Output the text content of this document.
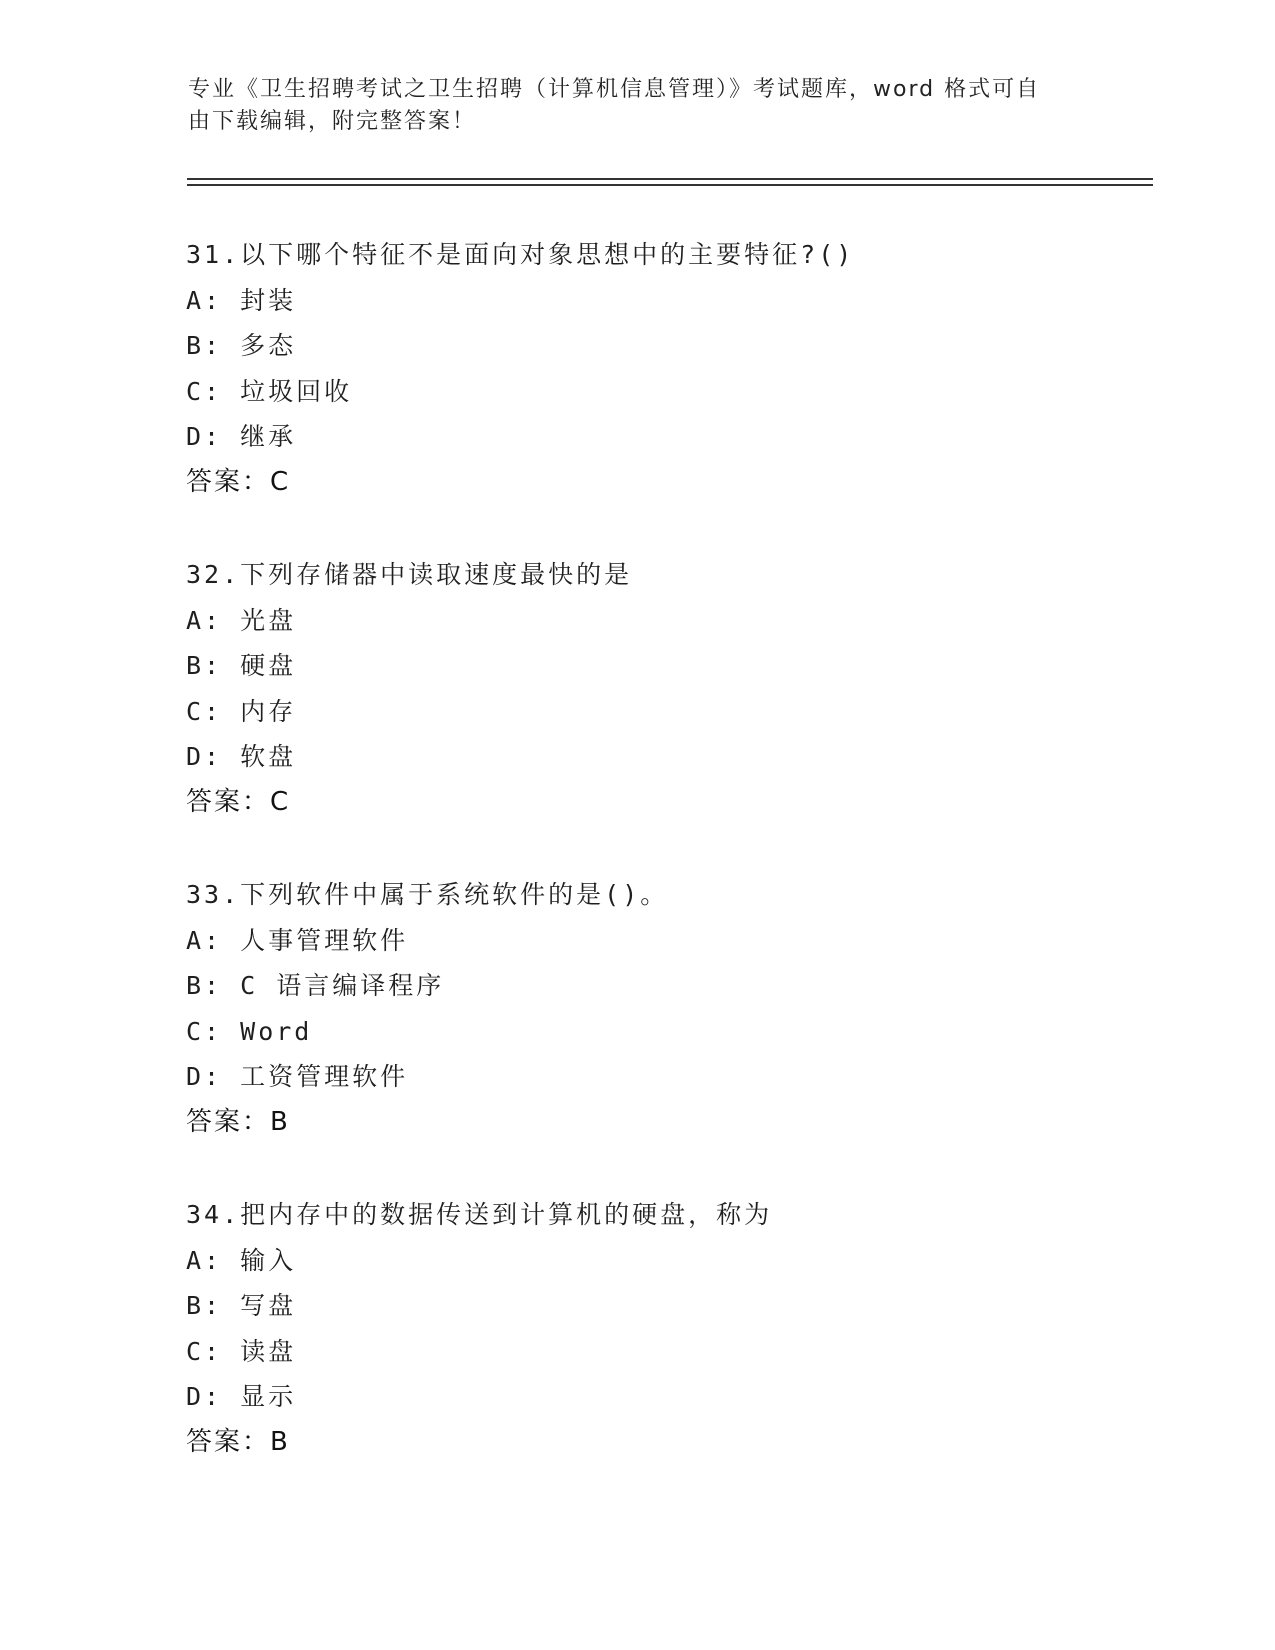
专业《卫生招聘考试之卫生招聘（计算机信息管理）》考试题库，word 格式可自
由下载编辑，附完整答案！
31.以下哪个特征不是面向对象思想中的主要特征?()
A: 封装
B: 多态
C: 垃圾回收
D: 继承
答案：C
32.下列存储器中读取速度最快的是
A: 光盘
B: 硬盘
C: 内存
D: 软盘
答案：C
33.下列软件中属于系统软件的是()。
A: 人事管理软件
B: C 语言编译程序
C: Word
D: 工资管理软件
答案：B
34.把内存中的数据传送到计算机的硬盘，称为
A: 输入
B: 写盘
C: 读盘
D: 显示
答案：B
